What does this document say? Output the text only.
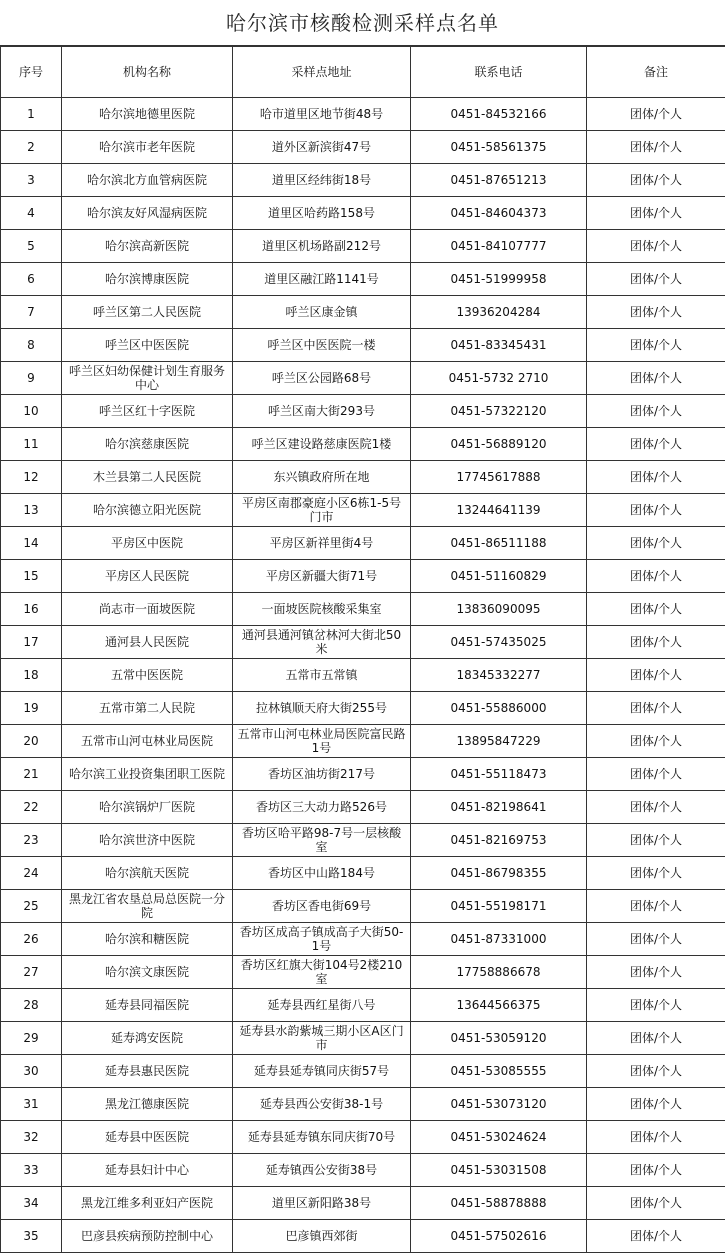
哈尔滨市核酸检测采样点名单
序号	机构名称	采样点地址	联系电话	备注
1	哈尔滨地德里医院	哈市道里区地节街48号	0451-84532166	团体/个人
2	哈尔滨市老年医院	道外区新滨街47号	0451-58561375	团体/个人
3	哈尔滨北方血管病医院	道里区经纬街18号	0451-87651213	团体/个人
4	哈尔滨友好风湿病医院	道里区哈药路158号	0451-84604373	团体/个人
5	哈尔滨高新医院	道里区机场路副212号	0451-84107777	团体/个人
6	哈尔滨博康医院	道里区融江路1141号	0451-51999958	团体/个人
7	呼兰区第二人民医院	呼兰区康金镇	13936204284	团体/个人
8	呼兰区中医医院	呼兰区中医医院一楼	0451-83345431	团体/个人
9	呼兰区妇幼保健计划生育服务中心	呼兰区公园路68号	0451-5732 2710	团体/个人
10	呼兰区红十字医院	呼兰区南大街293号	0451-57322120	团体/个人
11	哈尔滨慈康医院	呼兰区建设路慈康医院1楼	0451-56889120	团体/个人
12	木兰县第二人民医院	东兴镇政府所在地	17745617888	团体/个人
13	哈尔滨德立阳光医院	平房区南郡豪庭小区6栋1-5号门市	13244641139	团体/个人
14	平房区中医院	平房区新祥里街4号	0451-86511188	团体/个人
15	平房区人民医院	平房区新疆大街71号	0451-51160829	团体/个人
16	尚志市一面坡医院	一面坡医院核酸采集室	13836090095	团体/个人
17	通河县人民医院	通河县通河镇岔林河大街北50米	0451-57435025	团体/个人
18	五常中医医院	五常市五常镇	18345332277	团体/个人
19	五常市第二人民院	拉林镇顺天府大街255号	0451-55886000	团体/个人
20	五常市山河屯林业局医院	五常市山河屯林业局医院富民路1号	13895847229	团体/个人
21	哈尔滨工业投资集团职工医院	香坊区油坊街217号	0451-55118473	团体/个人
22	哈尔滨锅炉厂医院	香坊区三大动力路526号	0451-82198641	团体/个人
23	哈尔滨世济中医院	香坊区哈平路98-7号一层核酸室	0451-82169753	团体/个人
24	哈尔滨航天医院	香坊区中山路184号	0451-86798355	团体/个人
25	黑龙江省农垦总局总医院一分院	香坊区香电街69号	0451-55198171	团体/个人
26	哈尔滨和糖医院	香坊区成高子镇成高子大街50-1号	0451-87331000	团体/个人
27	哈尔滨文康医院	香坊区红旗大街104号2楼210室	17758886678	团体/个人
28	延寿县同福医院	延寿县西红星街八号	13644566375	团体/个人
29	延寿鸿安医院	延寿县水韵紫城三期小区A区门市	0451-53059120	团体/个人
30	延寿县惠民医院	延寿县延寿镇同庆街57号	0451-53085555	团体/个人
31	黑龙江德康医院	延寿县西公安街38-1号	0451-53073120	团体/个人
32	延寿县中医医院	延寿县延寿镇东同庆街70号	0451-53024624	团体/个人
33	延寿县妇计中心	延寿镇西公安街38号	0451-53031508	团体/个人
34	黑龙江维多利亚妇产医院	道里区新阳路38号	0451-58878888	团体/个人
35	巴彦县疾病预防控制中心	巴彦镇西郊街	0451-57502616	团体/个人
